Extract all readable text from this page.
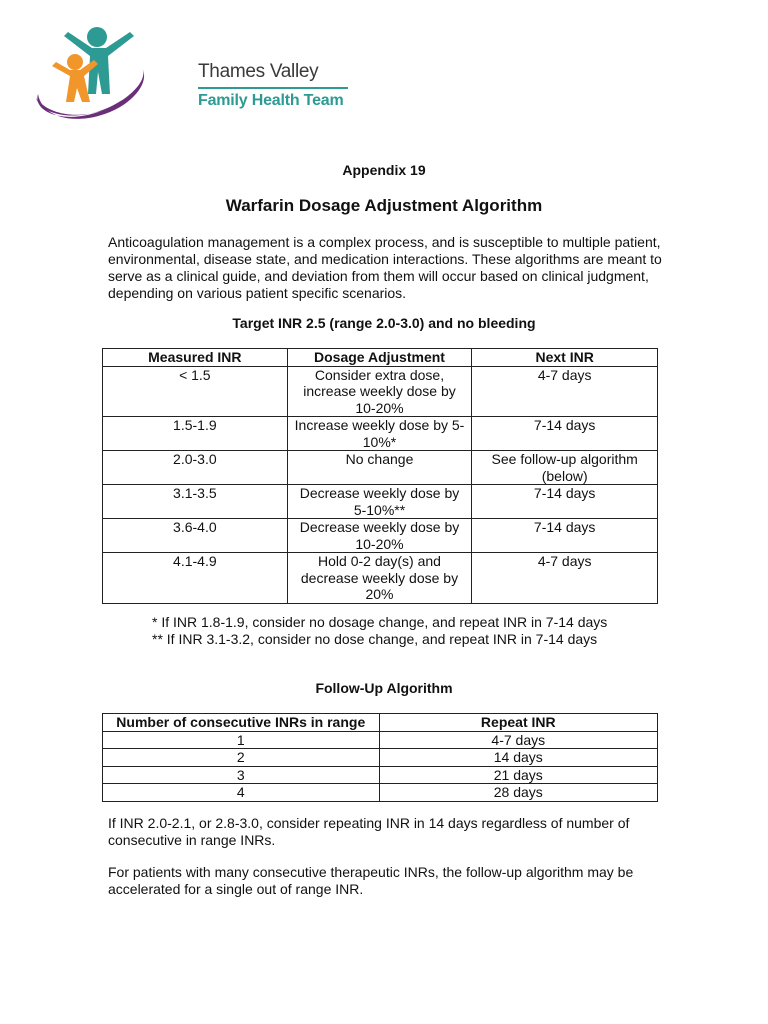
Thames Valley
Family Health Team
Appendix 19
Warfarin Dosage Adjustment Algorithm
Anticoagulation management is a complex process, and is susceptible to multiple patient, environmental, disease state, and medication interactions. These algorithms are meant to serve as a clinical guide, and deviation from them will occur based on clinical judgment, depending on various patient specific scenarios.
Target INR 2.5 (range 2.0-3.0) and no bleeding
Measured INR	Dosage Adjustment	Next INR
< 1.5	Consider extra dose, increase weekly dose by 10-20%	4-7 days
1.5-1.9	Increase weekly dose by 5-10%*	7-14 days
2.0-3.0	No change	See follow-up algorithm (below)
3.1-3.5	Decrease weekly dose by 5-10%**	7-14 days
3.6-4.0	Decrease weekly dose by 10-20%	7-14 days
4.1-4.9	Hold 0-2 day(s) and decrease weekly dose by 20%	4-7 days
* If INR 1.8-1.9, consider no dosage change, and repeat INR in 7-14 days
** If INR 3.1-3.2, consider no dose change, and repeat INR in 7-14 days
Follow-Up Algorithm
Number of consecutive INRs in range	Repeat INR
1	4-7 days
2	14 days
3	21 days
4	28 days
If INR 2.0-2.1, or 2.8-3.0, consider repeating INR in 14 days regardless of number of consecutive in range INRs.
For patients with many consecutive therapeutic INRs, the follow-up algorithm may be accelerated for a single out of range INR.
